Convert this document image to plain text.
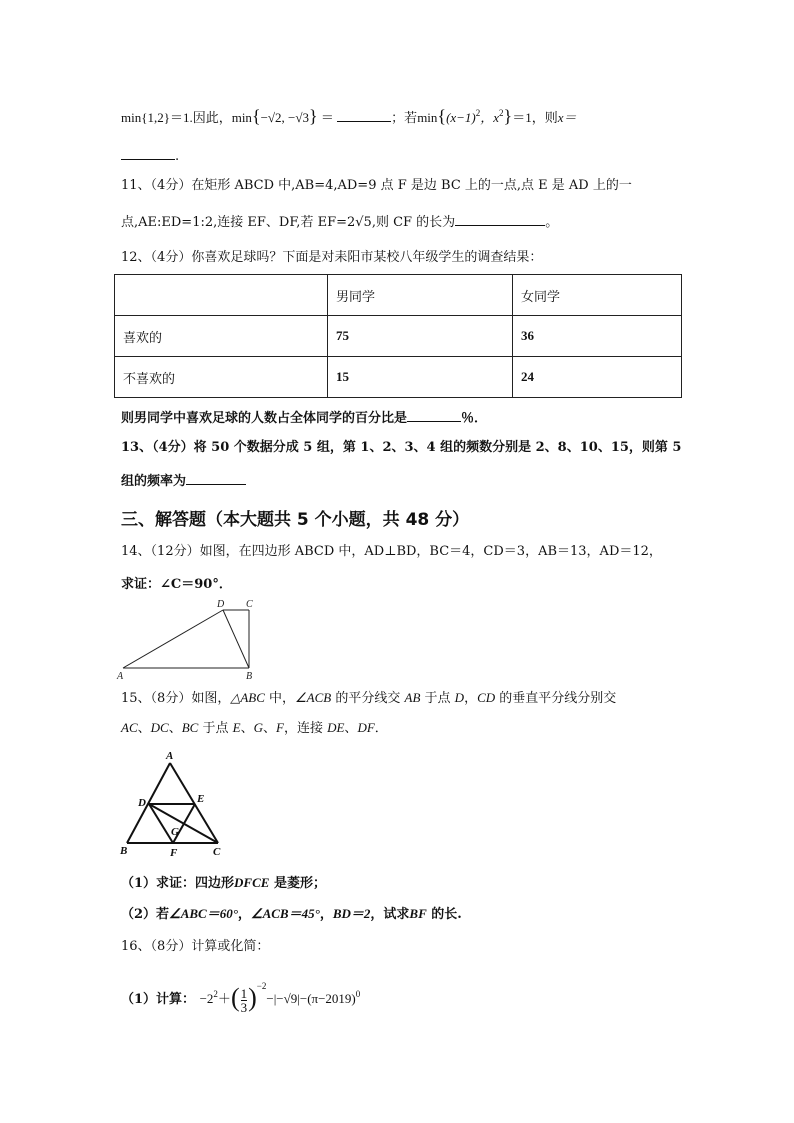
min{1,2}＝1.因此，min{−√2, −√3} ＝	；若$\min\{(x-1)^2$，$x^2\}=1$，则x＝
.
11、（4分）在矩形 ABCD 中,AB=4,AD=9 点 F 是边 BC 上的一点,点 E 是 AD 上的一
点,AE:ED=1:2,连接 EF、DF,若 EF=2√5,则 CF 的长为	。
12、（4分）你喜欢足球吗？下面是对耒阳市某校八年级学生的调查结果：
	男同学	女同学
喜欢的	75	36
不喜欢的	15	24
则男同学中喜欢足球的人数占全体同学的百分比是	％．
13、（4分）将 50 个数据分成 5 组，第 1、2、3、4 组的频数分别是 2、8、10、15，则第 5
组的频率为
三、解答题（本大题共 5 个小题，共 48 分）
14、（12分）如图，在四边形 ABCD 中，AD⊥BD，BC＝4，CD＝3，AB＝13，AD＝12，
求证：∠C＝90°．
A	B
C
D
15、（8分）如图，△ABC 中，∠ACB 的平分线交 AB 于点 D，CD 的垂直平分线分别交
AC、DC、BC 于点 E、G、F，连接 DE、DF．
A
B	C
D	E
F
G
（1）求证：四边形DFCE 是菱形；
（2）若∠ABC＝60°，∠ACB＝45°，BD＝2，试求BF 的长.
16、（8分）计算或化简：
（1）计算： $-2^2+( \frac{1}{3} )^{-2}-|-√9|-(\pi-2019)^0$
